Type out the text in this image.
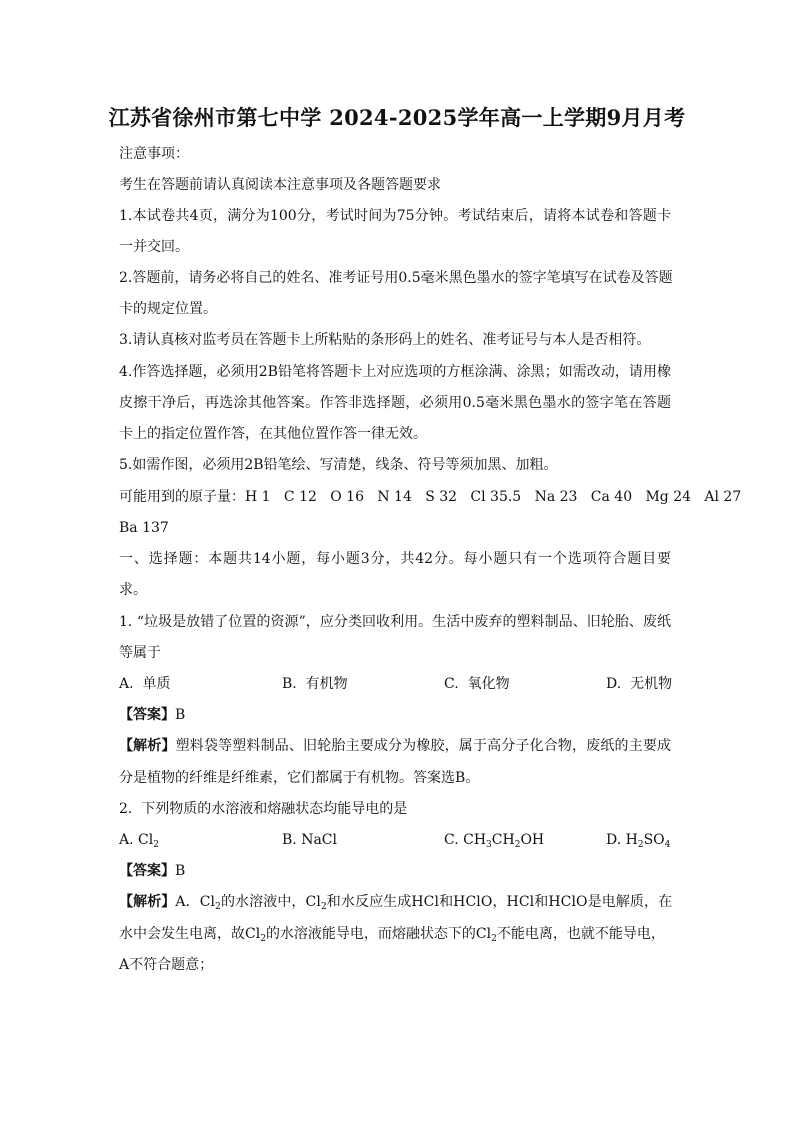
江苏省徐州市第七中学 2024-2025学年高一上学期9月月考
注意事项：
考生在答题前请认真阅读本注意事项及各题答题要求
1.本试卷共4页，满分为100分，考试时间为75分钟。考试结束后，请将本试卷和答题卡
一并交回。
2.答题前，请务必将自己的姓名、准考证号用0.5毫米黑色墨水的签字笔填写在试卷及答题
卡的规定位置。
3.请认真核对监考员在答题卡上所粘贴的条形码上的姓名、准考证号与本人是否相符。
4.作答选择题，必须用2B铅笔将答题卡上对应选项的方框涂满、涂黑；如需改动，请用橡
皮擦干净后，再选涂其他答案。作答非选择题，必须用0.5毫米黑色墨水的签字笔在答题
卡上的指定位置作答，在其他位置作答一律无效。
5.如需作图，必须用2B铅笔绘、写清楚，线条、符号等须加黑、加粗。
可能用到的原子量：H 1   C 12   O 16   N 14   S 32   Cl 35.5   Na 23   Ca 40   Mg 24   Al 27
Ba 137
一、选择题：本题共14小题，每小题3分，共42分。每小题只有一个选项符合题目要
求。
1. “垃圾是放错了位置的资源”，应分类回收利用。生活中废弃的塑料制品、旧轮胎、废纸
等属于
A.  单质	B.  有机物	C.  氧化物	D.  无机物
【答案】B
【解析】塑料袋等塑料制品、旧轮胎主要成分为橡胶，属于高分子化合物，废纸的主要成
分是植物的纤维是纤维素，它们都属于有机物。答案选B。
2.  下列物质的水溶液和熔融状态均能导电的是
A. $Cl_2$	B. NaCl	C. $CH_3CH_2OH$	D. $H_2SO_4$
【答案】B
【解析】A．$Cl_2$的水溶液中，$Cl_2$和水反应生成HCl和HClO，HCl和HClO是电解质，在
水中会发生电离，故$Cl_2$的水溶液能导电，而熔融状态下的$Cl_2$不能电离，也就不能导电，
A不符合题意；
